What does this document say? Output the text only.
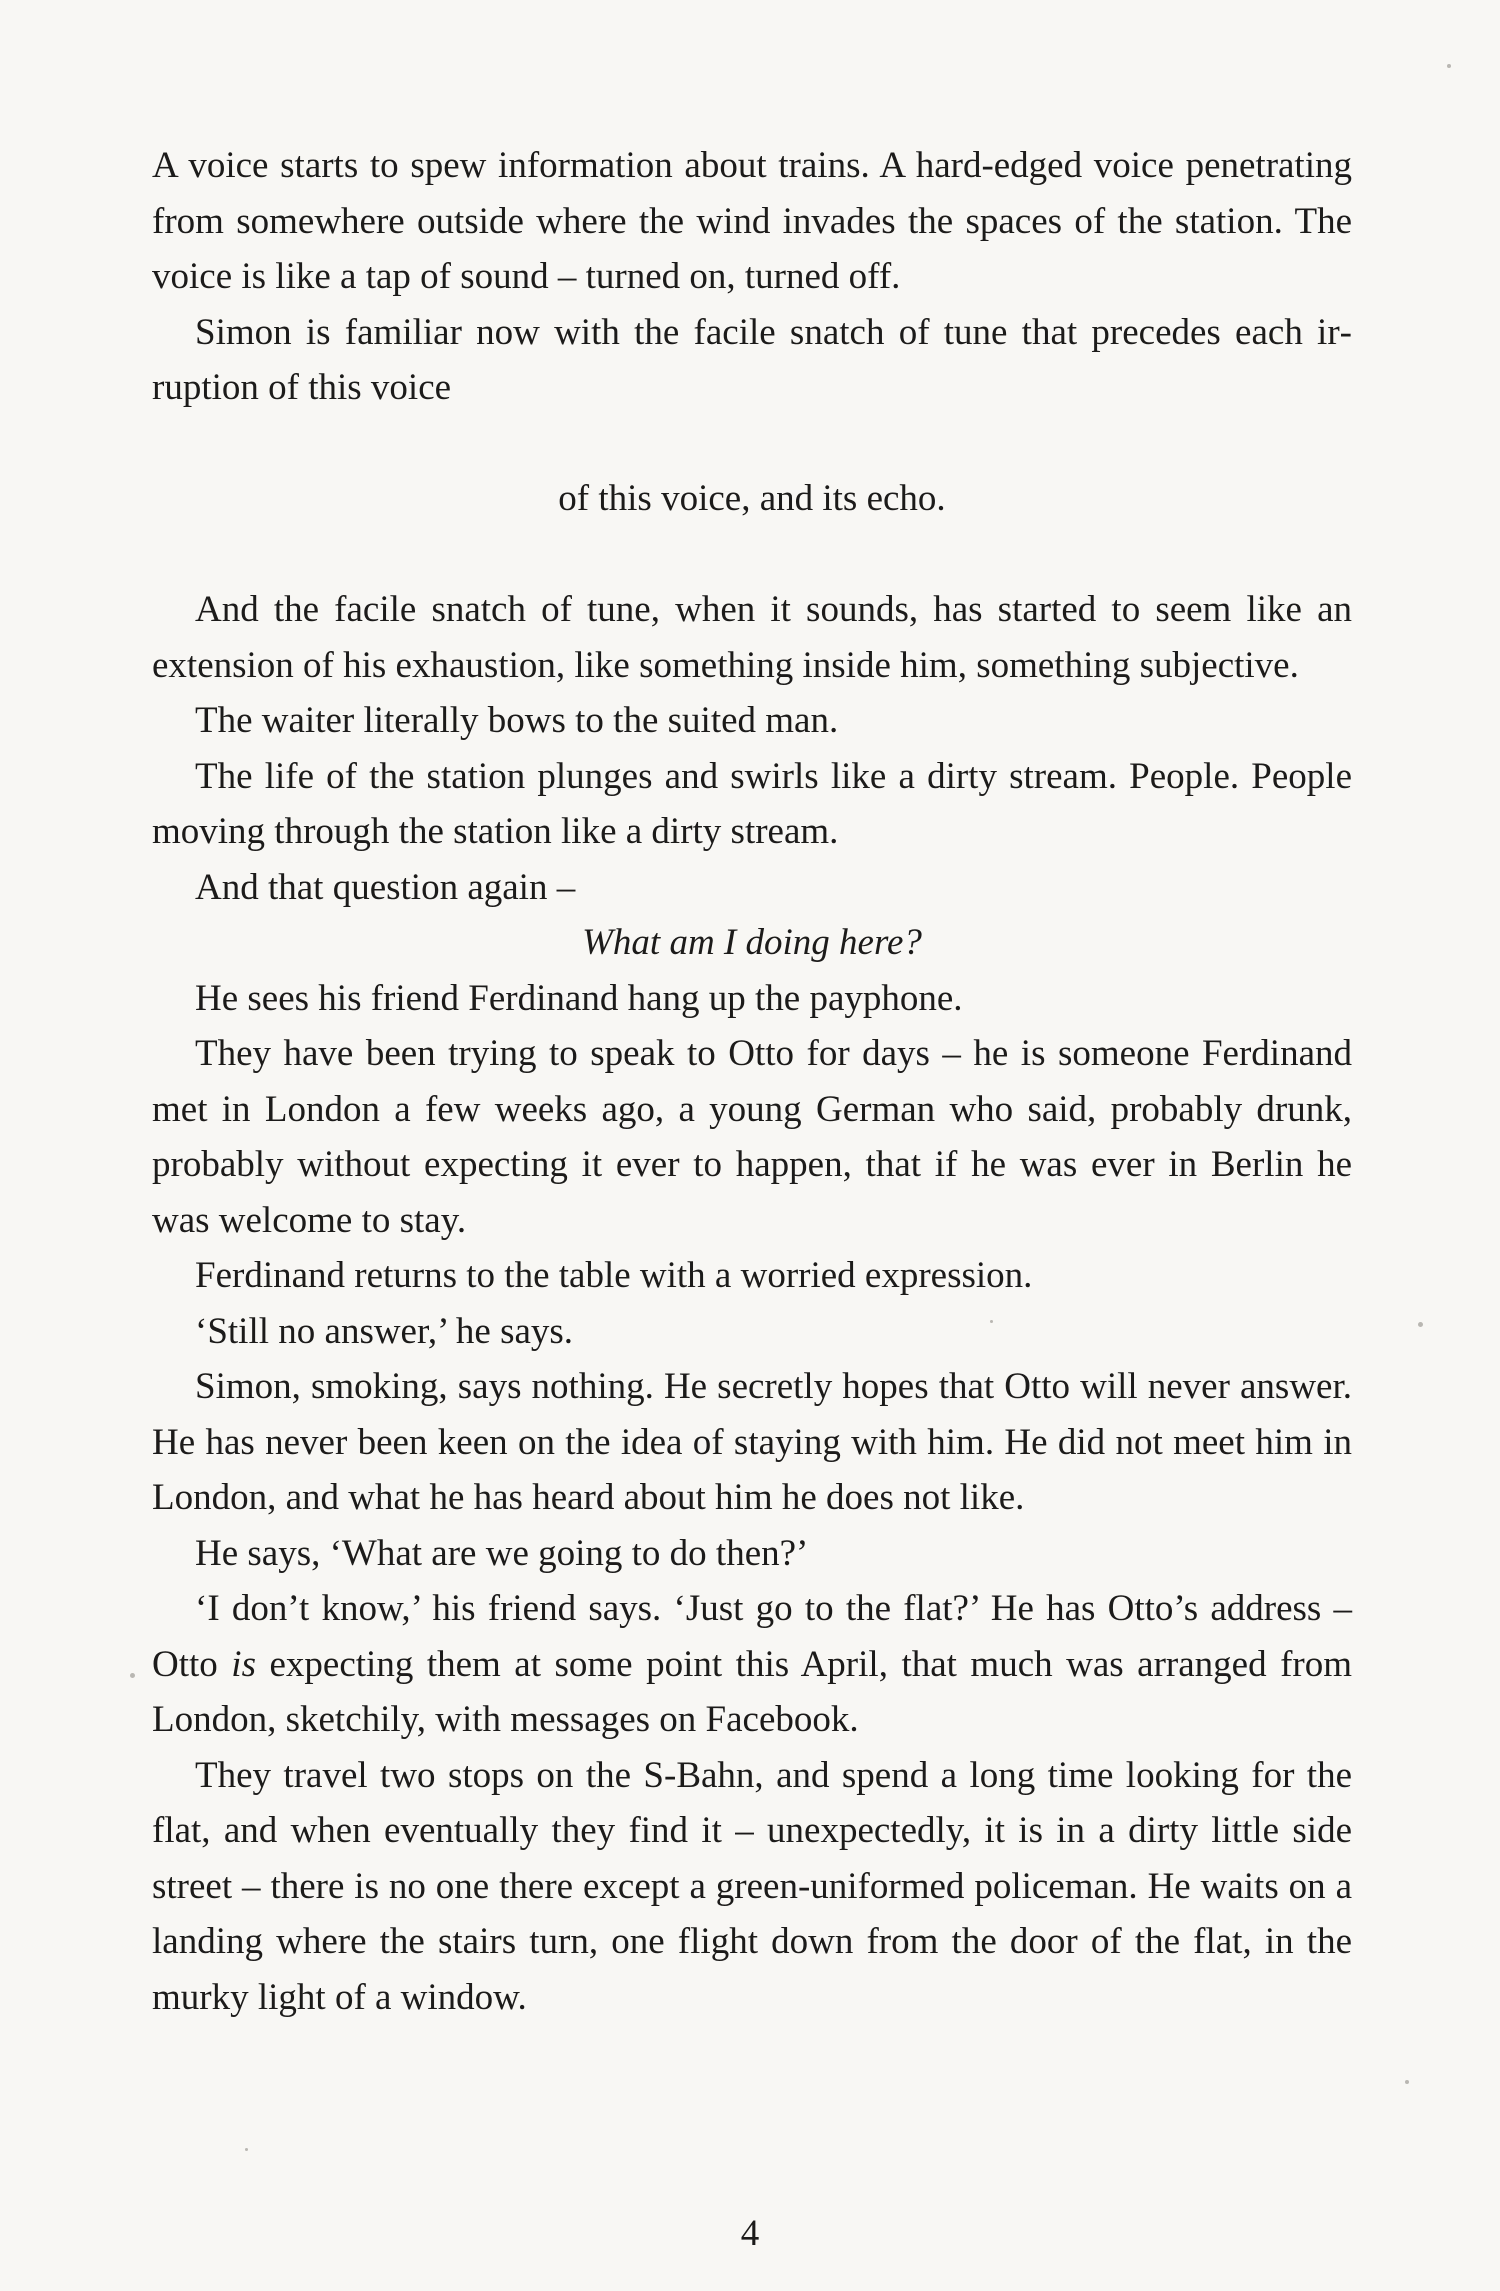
A voice starts to spew information about trains. A hard-edged voice penetrating from somewhere outside where the wind invades the spaces of the station. The voice is like a tap of sound – turned on, turned off.

Simon is familiar now with the facile snatch of tune that precedes each irruption of this voice

of this voice, and its echo.

And the facile snatch of tune, when it sounds, has started to seem like an extension of his exhaustion, like something inside him, something subjective.

The waiter literally bows to the suited man.

The life of the station plunges and swirls like a dirty stream. People. People moving through the station like a dirty stream.

And that question again –

What am I doing here?

He sees his friend Ferdinand hang up the payphone.

They have been trying to speak to Otto for days – he is someone Ferdinand met in London a few weeks ago, a young German who said, probably drunk, probably without expecting it ever to happen, that if he was ever in Berlin he was welcome to stay.

Ferdinand returns to the table with a worried expression.

‘Still no answer,’ he says.

Simon, smoking, says nothing. He secretly hopes that Otto will never answer. He has never been keen on the idea of staying with him. He did not meet him in London, and what he has heard about him he does not like.

He says, ‘What are we going to do then?’

‘I don’t know,’ his friend says. ‘Just go to the flat?’ He has Otto’s address – Otto is expecting them at some point this April, that much was arranged from London, sketchily, with messages on Facebook.

They travel two stops on the S-Bahn, and spend a long time looking for the flat, and when eventually they find it – unexpectedly, it is in a dirty little side street – there is no one there except a green-uniformed policeman. He waits on a landing where the stairs turn, one flight down from the door of the flat, in the murky light of a window.

4
